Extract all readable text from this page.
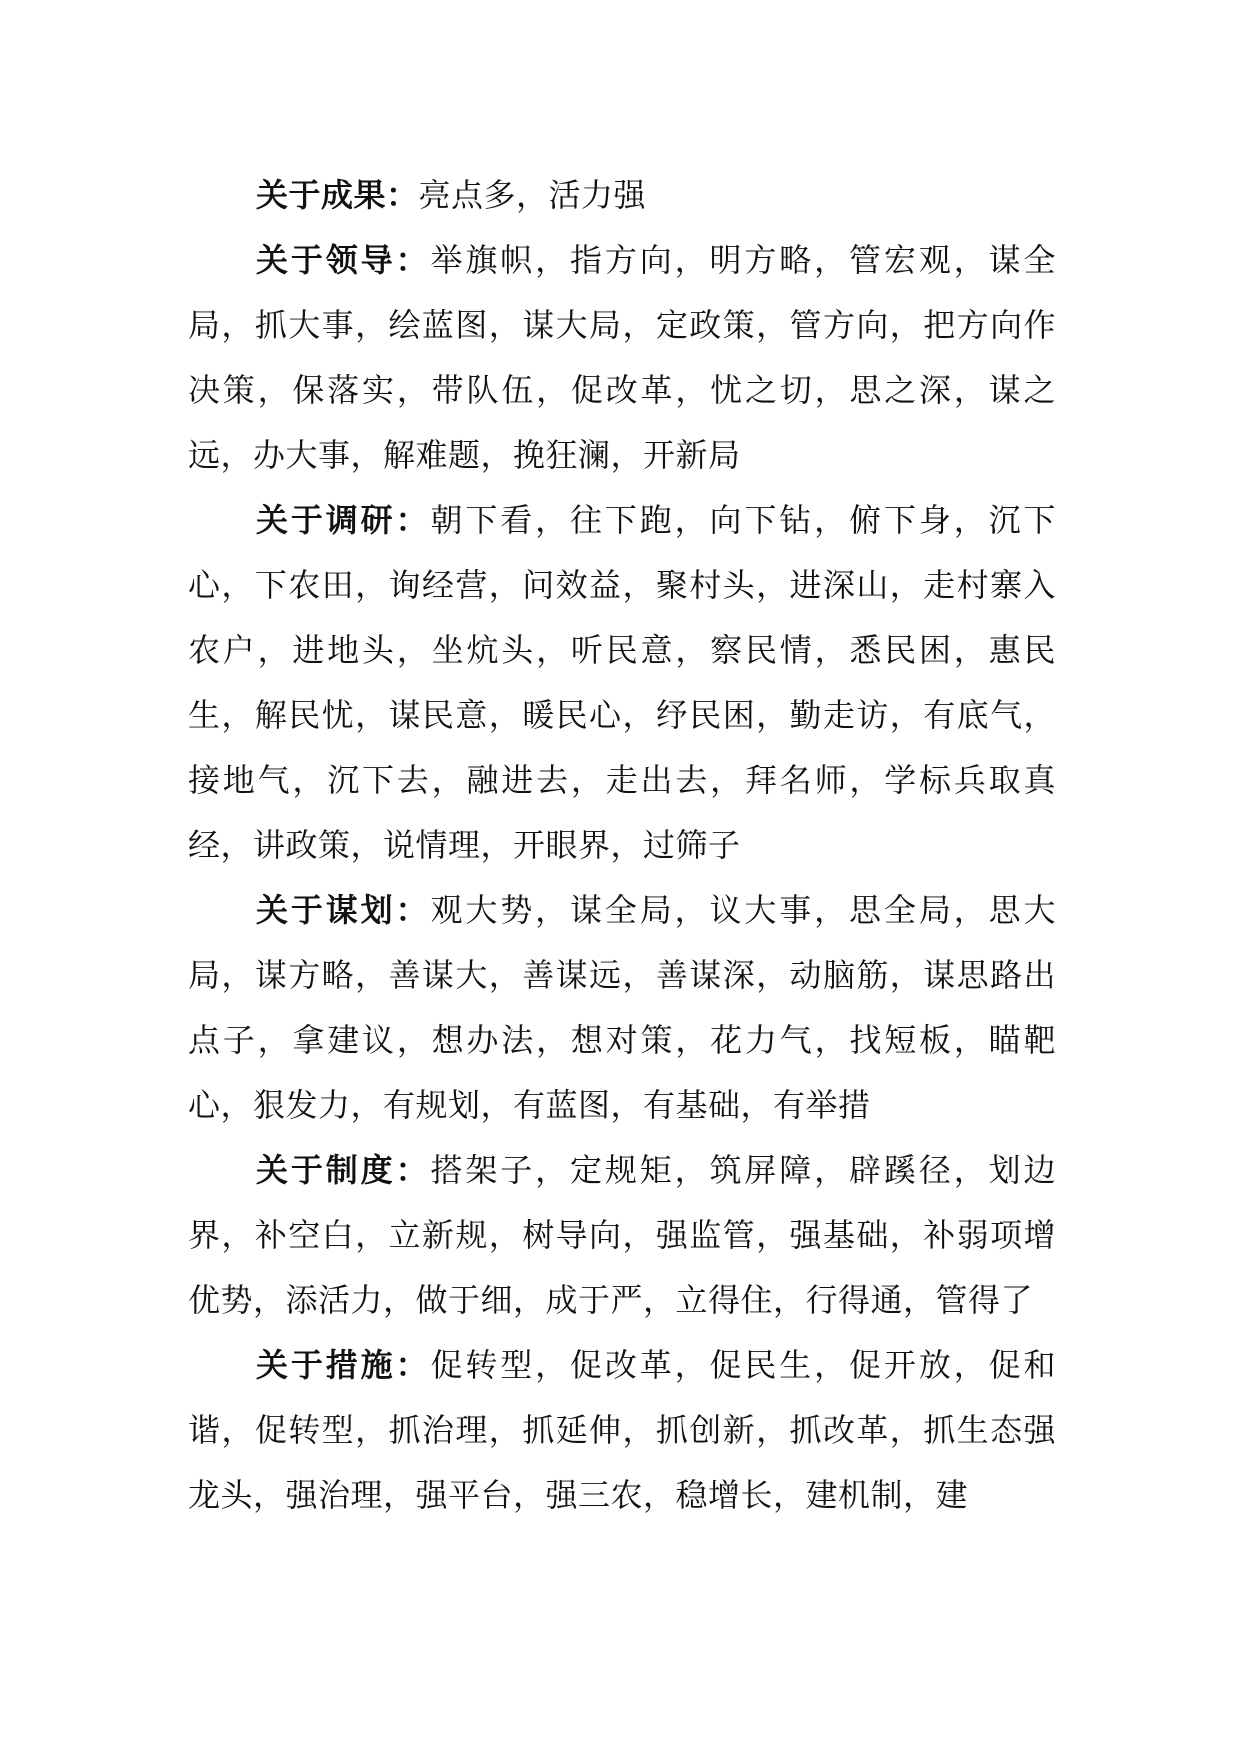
关于成果：亮点多，活力强

关于领导：举旗帜，指方向，明方略，管宏观，谋全局，抓大事，绘蓝图，谋大局，定政策，管方向，把方向作决策，保落实，带队伍，促改革，忧之切，思之深，谋之远，办大事，解难题，挽狂澜，开新局

关于调研：朝下看，往下跑，向下钻，俯下身，沉下心，下农田，询经营，问效益，聚村头，进深山，走村寨入农户，进地头，坐炕头，听民意，察民情，悉民困，惠民生，解民忧，谋民意，暖民心，纾民困，勤走访，有底气，接地气，沉下去，融进去，走出去，拜名师，学标兵取真经，讲政策，说情理，开眼界，过筛子

关于谋划：观大势，谋全局，议大事，思全局，思大局，谋方略，善谋大，善谋远，善谋深，动脑筋，谋思路出点子，拿建议，想办法，想对策，花力气，找短板，瞄靶心，狠发力，有规划，有蓝图，有基础，有举措

关于制度：搭架子，定规矩，筑屏障，辟蹊径，划边界，补空白，立新规，树导向，强监管，强基础，补弱项增优势，添活力，做于细，成于严，立得住，行得通，管得了

关于措施：促转型，促改革，促民生，促开放，促和谐，促转型，抓治理，抓延伸，抓创新，抓改革，抓生态强龙头，强治理，强平台，强三农，稳增长，建机制，建
